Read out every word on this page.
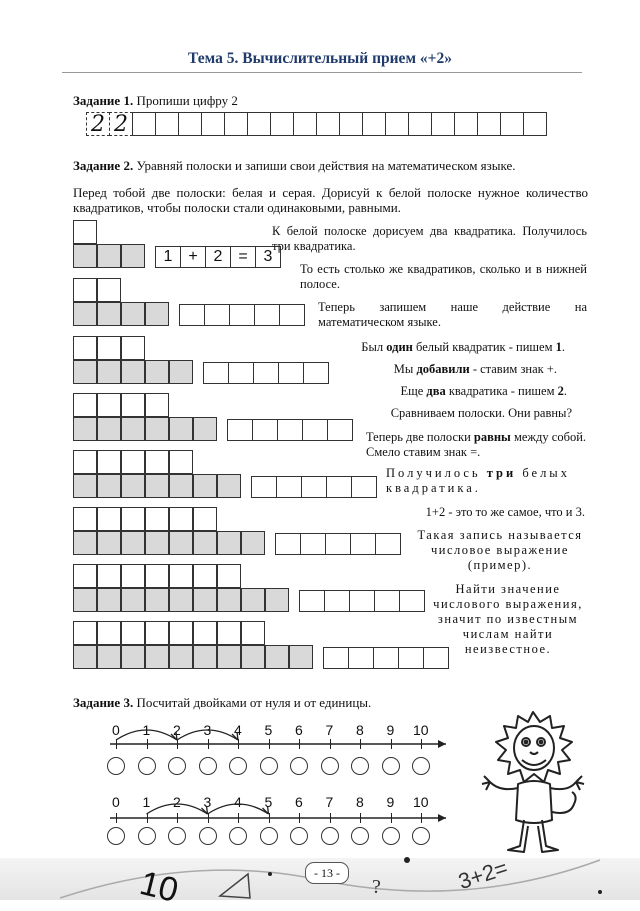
Тема 5. Вычислительный прием «+2»
Задание 1. Пропиши цифру 2
2 2
Задание 2. Уравняй полоски и запиши свои действия на математическом языке.
Перед тобой две полоски: белая и серая. Дорисуй к белой полоске нужное количество квадратиков, чтобы полоски стали одинаковыми, равными.
1 + 2 = 3
К белой полоске дорисуем два квадратика. Получилось три квадратика.
То есть столько же квадратиков, сколько и в нижней полосе.
Теперь запишем наше действие на математическом языке.
Был один белый квадратик - пишем 1.
Мы добавили - ставим знак +.
Еще два квадратика - пишем 2.
Сравниваем полоски. Они равны?
Теперь две полоски равны между собой. Смело ставим знак =.
Получилось три белых квадратика.
1+2 - это то же самое, что и 3.
Такая запись называется числовое выражение (пример).
Найти значение числового выражения, значит по известным числам найти неизвестное.
Задание 3. Посчитай двойками от нуля и от единицы.
0 1 2 3 4 5 6 7 8 9 10
0 1 2 3 4 5 6 7 8 9 10
10	?	3+2=
- 13 -
